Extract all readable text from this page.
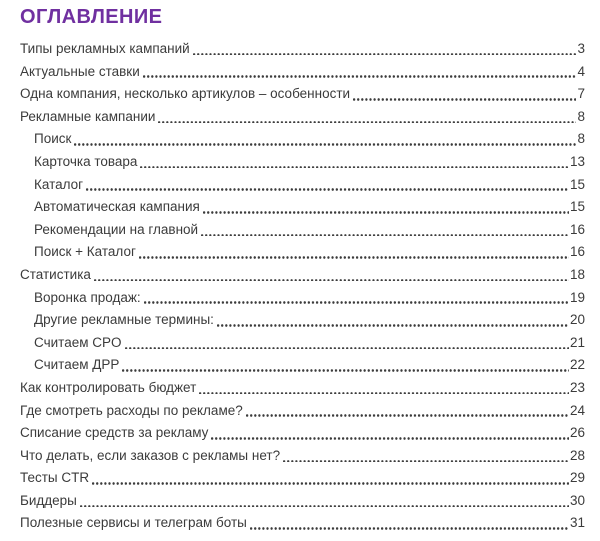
ОГЛАВЛЕНИЕ
Типы рекламных кампаний	3
Актуальные ставки	4
Одна компания, несколько артикулов – особенности	7
Рекламные кампании	8
Поиск	8
Карточка товара	13
Каталог	15
Автоматическая кампания	15
Рекомендации на главной	16
Поиск + Каталог	16
Статистика	18
Воронка продаж:	19
Другие рекламные термины:	20
Считаем CPO	21
Считаем ДРР	22
Как контролировать бюджет	23
Где смотреть расходы по рекламе?	24
Списание средств за рекламу	26
Что делать, если заказов с рекламы нет?	28
Тесты CTR	29
Биддеры	30
Полезные сервисы и телеграм боты	31
